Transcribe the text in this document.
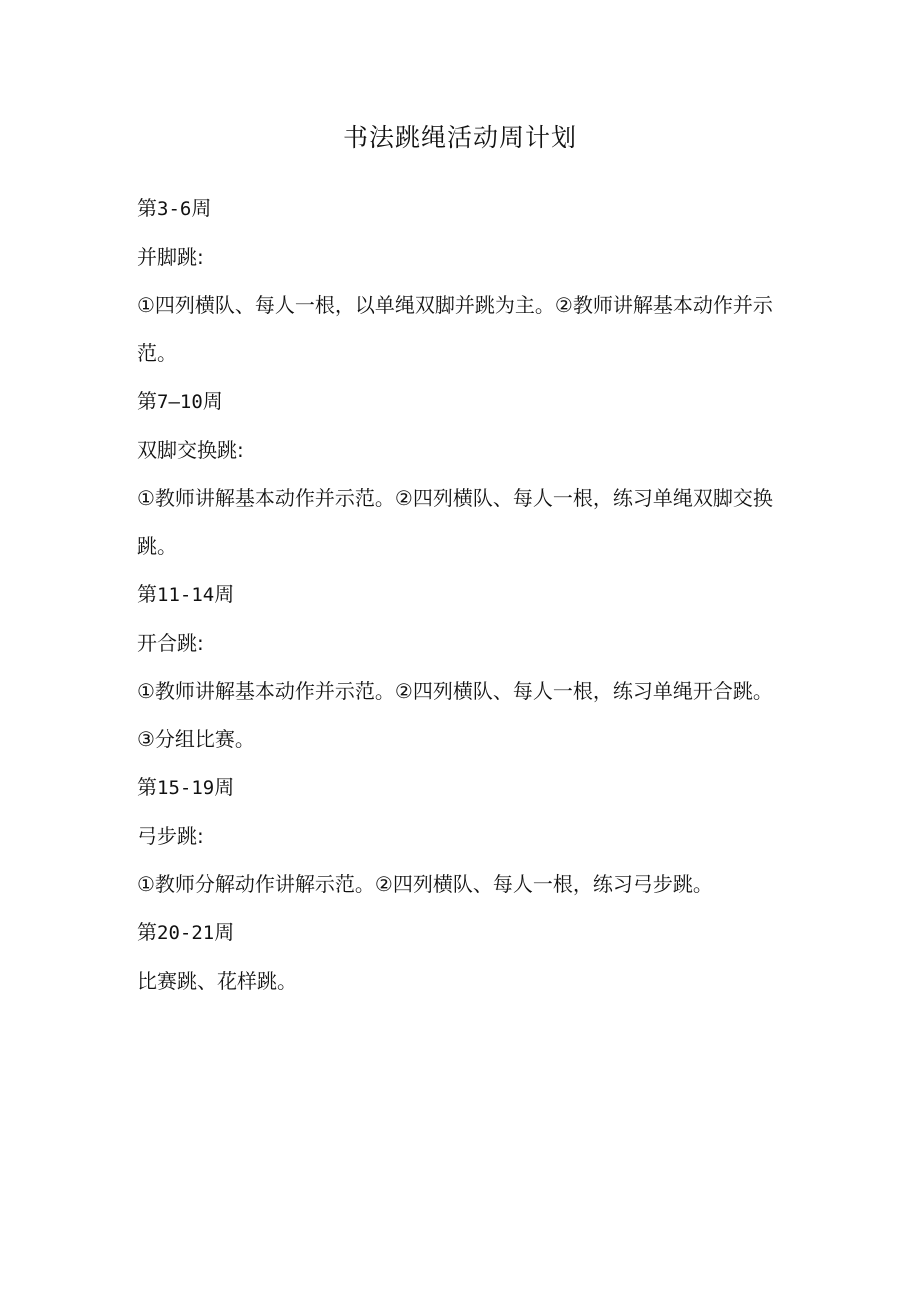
书法跳绳活动周计划

第3-6周

并脚跳:

①四列横队、每人一根，以单绳双脚并跳为主。②教师讲解基本动作并示

范。

第7—10周

双脚交换跳:

①教师讲解基本动作并示范。②四列横队、每人一根，练习单绳双脚交换

跳。

第11-14周

开合跳:

①教师讲解基本动作并示范。②四列横队、每人一根，练习单绳开合跳。

③分组比赛。

第15-19周

弓步跳:

①教师分解动作讲解示范。②四列横队、每人一根，练习弓步跳。

第20-21周

比赛跳、花样跳。
